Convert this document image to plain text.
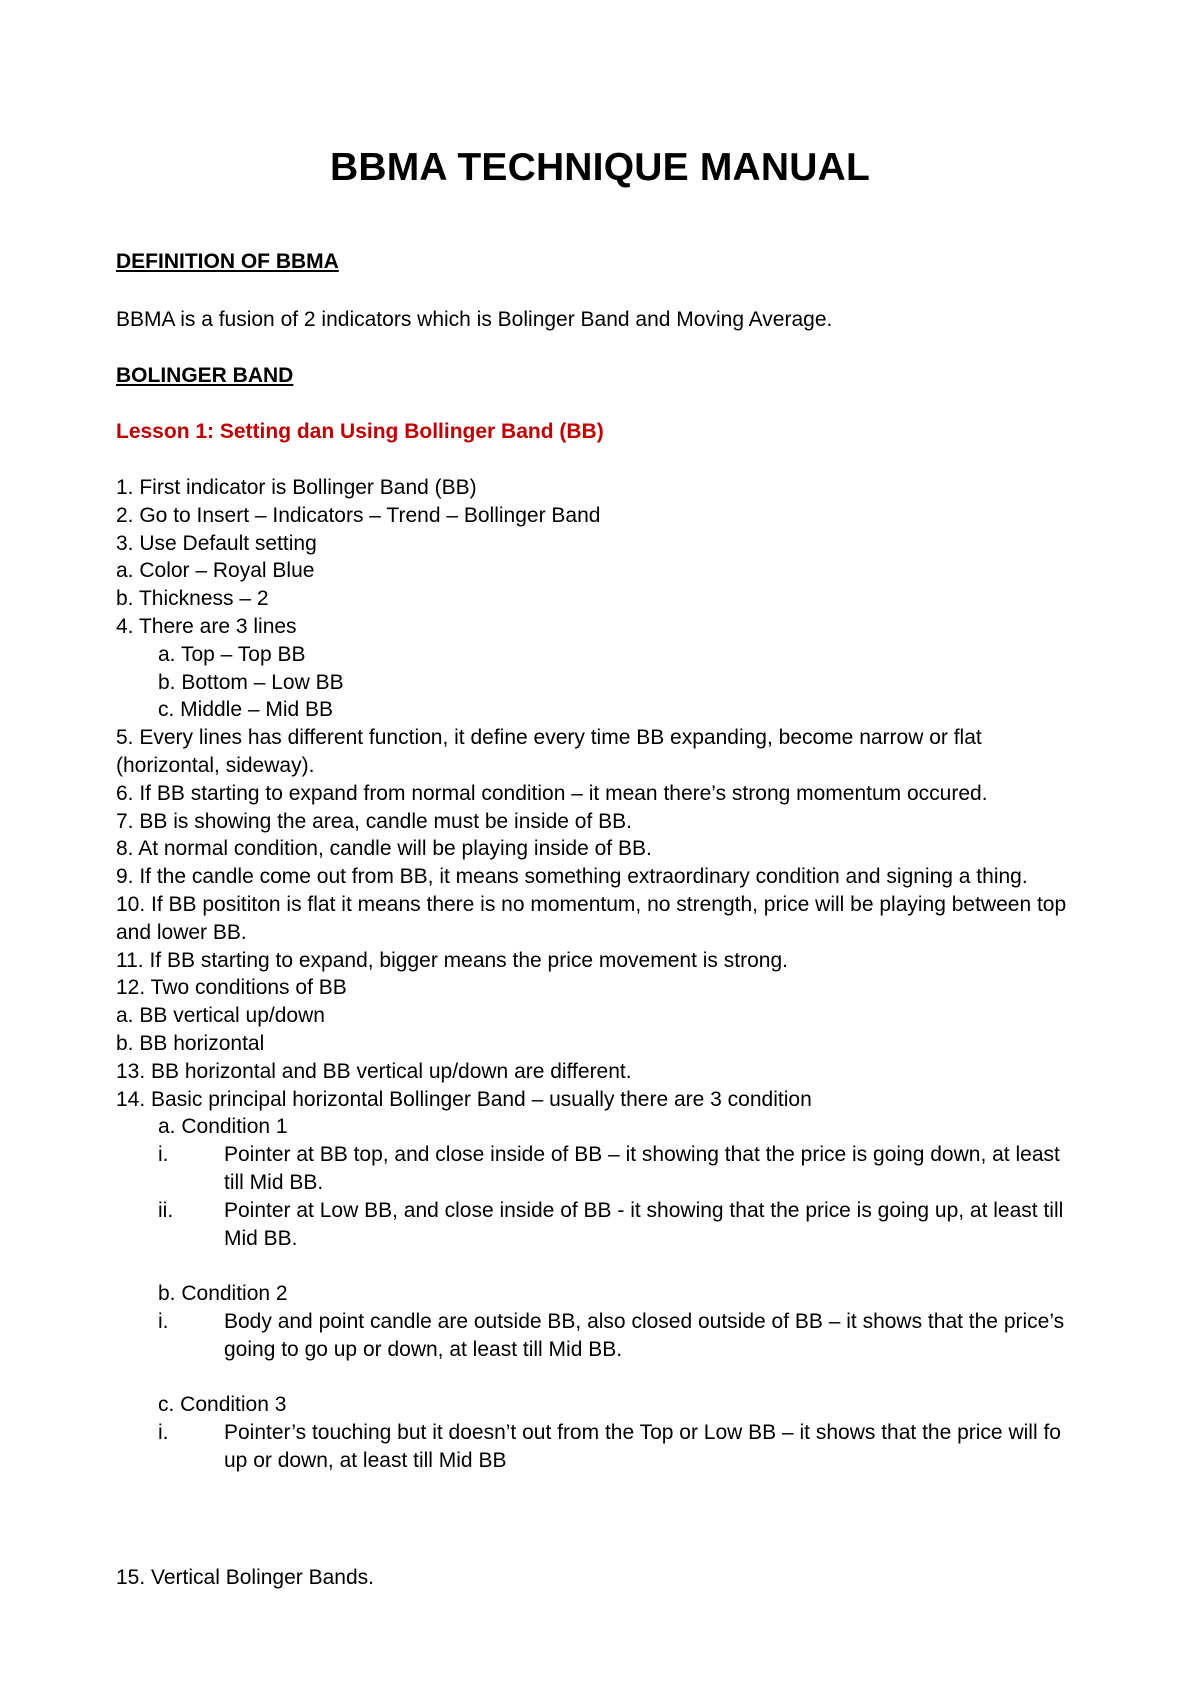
BBMA TECHNIQUE MANUAL
DEFINITION OF BBMA
BBMA is a fusion of 2 indicators which is Bolinger Band and Moving Average.
BOLINGER BAND
Lesson 1: Setting dan Using Bollinger Band (BB)
1. First indicator is Bollinger Band (BB)
2. Go to Insert – Indicators – Trend – Bollinger Band
3. Use Default setting
a. Color – Royal Blue
b. Thickness – 2
4. There are 3 lines
a. Top – Top BB
b. Bottom – Low BB
c. Middle – Mid BB
5. Every lines has different function, it define every time BB expanding, become narrow or flat (horizontal, sideway).
6. If BB starting to expand from normal condition – it mean there’s strong momentum occured.
7. BB is showing the area, candle must be inside of BB.
8. At normal condition, candle will be playing inside of BB.
9. If the candle come out from BB, it means something extraordinary condition and signing a thing.
10. If BB posititon is flat it means there is no momentum, no strength, price will be playing between top and lower BB.
11. If BB starting to expand, bigger means the price movement is strong.
12. Two conditions of BB
a. BB vertical up/down
b. BB horizontal
13. BB horizontal and BB vertical up/down are different.
14. Basic principal horizontal Bollinger Band – usually there are 3 condition
a. Condition 1
i.	Pointer at BB top, and close inside of BB – it showing that the price is going down, at least till Mid BB.
ii. Pointer at Low BB, and close inside of BB - it showing that the price is going up, at least till Mid BB.
b. Condition 2
i.	Body and point candle are outside BB, also closed outside of BB – it shows that the price’s going to go up or down, at least till Mid BB.
c. Condition 3
i.	Pointer’s touching but it doesn’t out from the Top or Low BB – it shows that the price will fo up or down, at least till Mid BB
15. Vertical Bolinger Bands.
